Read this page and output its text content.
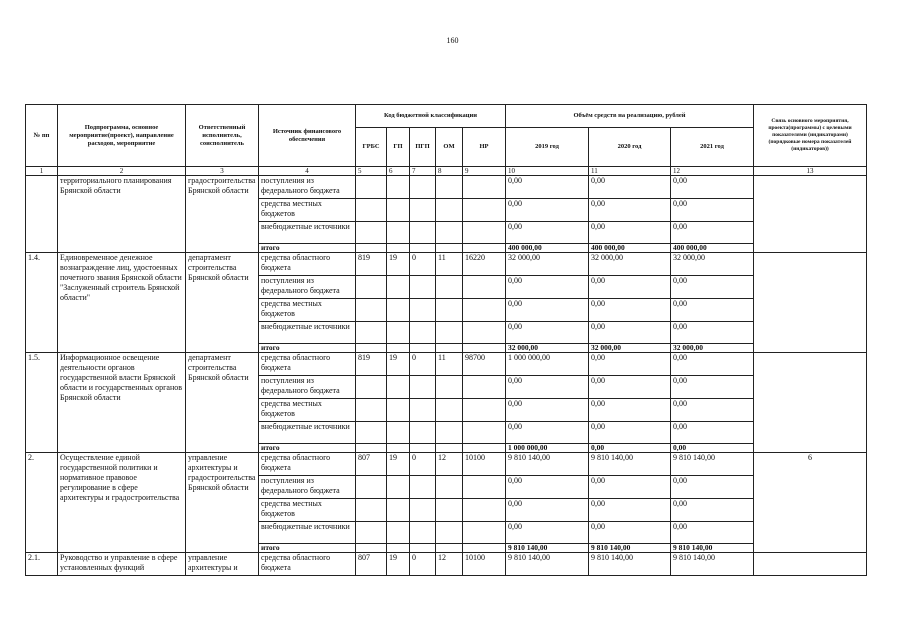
160
№ пп	Подпрограмма, основное мероприятие(проект), направление расходов, мероприятие	Ответственный исполнитель, соисполнитель	Источник финансового обеспечения	Код бюджетной классификации					Объём средств на реализацию, рублей			Связь основного мероприятия, проекта(программы) с целевыми показателями (индикаторами) (порядковые номера показателей (индикаторов))
				ГРБС	ГП	ПГП	ОМ	НР	2019 год	2020 год	2021 год	
1	2	3	4	5	6	7	8	9	10	11	12	13
	территориального планирования Брянской области	градостроительства Брянской области	поступления из федерального бюджета						0,00	0,00	0,00	
			средства местных бюджетов						0,00	0,00	0,00	
			внебюджетные источники						0,00	0,00	0,00	
			итого						400 000,00	400 000,00	400 000,00	
1.4.	Единовременное денежное вознаграждение лиц, удостоенных почетного звания Брянской области "Заслуженный строитель Брянской области"	департамент строительства Брянской области	средства областного бюджета	819	19	0	11	16220	32 000,00	32 000,00	32 000,00	
			поступления из федерального бюджета						0,00	0,00	0,00	
			средства местных бюджетов						0,00	0,00	0,00	
			внебюджетные источники						0,00	0,00	0,00	
			итого						32 000,00	32 000,00	32 000,00	
1.5.	Информационное освещение деятельности органов государственной власти Брянской области и государственных органов Брянской области	департамент строительства Брянской области	средства областного бюджета	819	19	0	11	98700	1 000 000,00	0,00	0,00	
			поступления из федерального бюджета						0,00	0,00	0,00	
			средства местных бюджетов						0,00	0,00	0,00	
			внебюджетные источники						0,00	0,00	0,00	
			итого						1 000 000,00	0,00	0,00	
2.	Осуществление единой государственной политики и нормативное правовое регулирование в сфере архитектуры и градостроительства	управление архитектуры и градостроительства Брянской области	средства областного бюджета	807	19	0	12	10100	9 810 140,00	9 810 140,00	9 810 140,00	6
			поступления из федерального бюджета						0,00	0,00	0,00	
			средства местных бюджетов						0,00	0,00	0,00	
			внебюджетные источники						0,00	0,00	0,00	
			итого						9 810 140,00	9 810 140,00	9 810 140,00	
2.1.	Руководство и управление в сфере установленных функций	управление архитектуры и	средства областного бюджета	807	19	0	12	10100	9 810 140,00	9 810 140,00	9 810 140,00	
